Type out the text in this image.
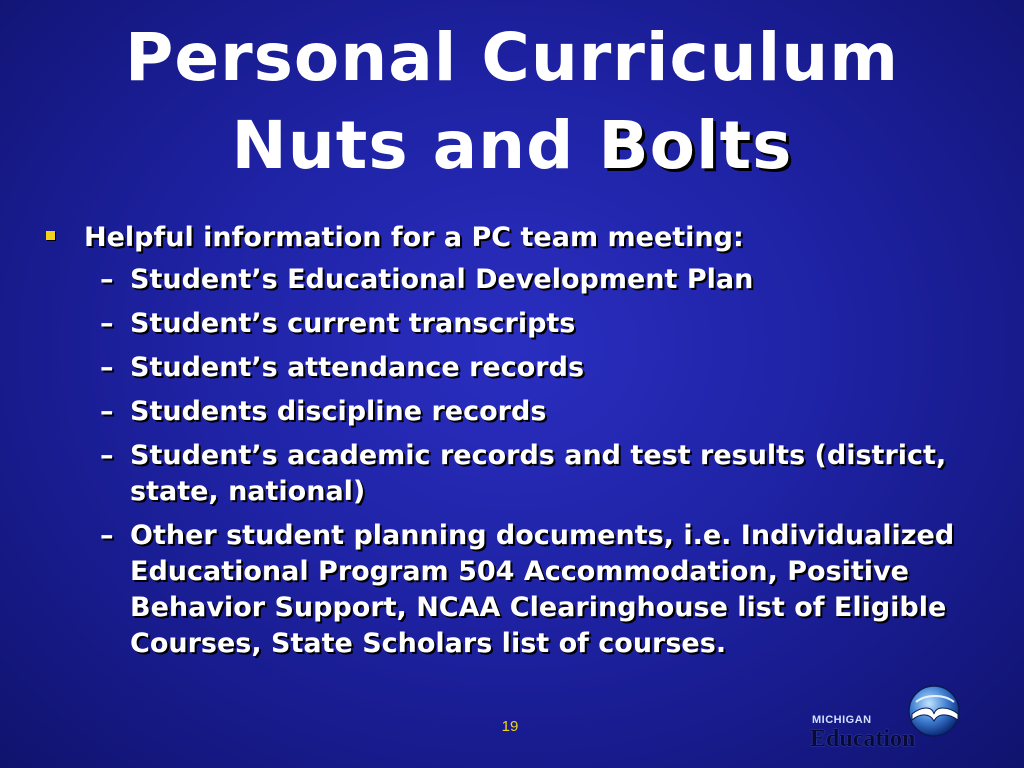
Personal Curriculum
Nuts and Bolts
Helpful information for a PC team meeting:
– Student’s Educational Development Plan
– Student’s current transcripts
– Student’s attendance records
– Students discipline records
– Student’s academic records and test results (district, state, national)
– Other student planning documents, i.e. Individualized Educational Program 504 Accommodation, Positive Behavior Support, NCAA Clearinghouse list of Eligible Courses, State Scholars list of courses.
19	MICHIGAN
Education
